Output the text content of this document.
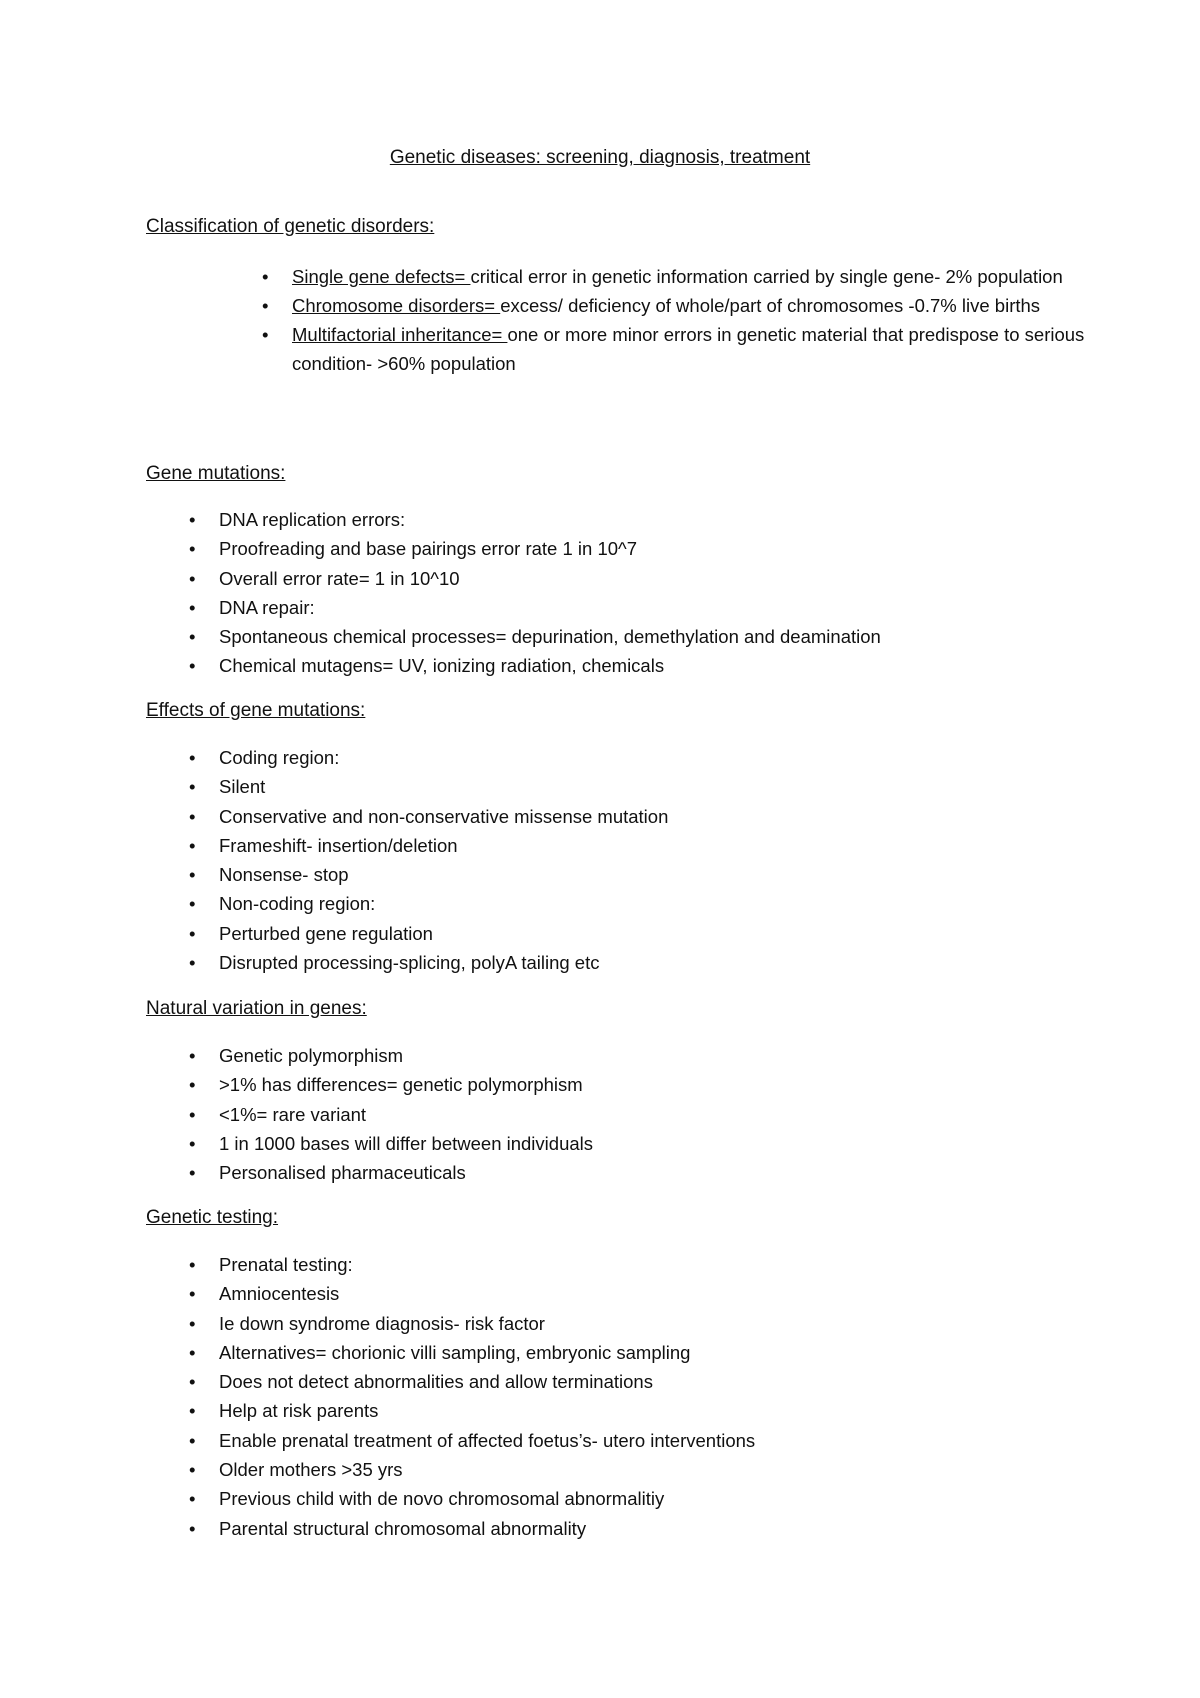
Genetic diseases: screening, diagnosis, treatment
Classification of genetic disorders:
• Single gene defects= critical error in genetic information carried by single gene- 2% population
• Chromosome disorders= excess/ deficiency of whole/part of chromosomes -0.7% live births
• Multifactorial inheritance= one or more minor errors in genetic material that predispose to serious condition- >60% population
Gene mutations:
• DNA replication errors:
• Proofreading and base pairings error rate 1 in 10^7
• Overall error rate= 1 in 10^10
• DNA repair:
• Spontaneous chemical processes= depurination, demethylation and deamination
• Chemical mutagens= UV, ionizing radiation, chemicals
Effects of gene mutations:
• Coding region:
• Silent
• Conservative and non-conservative missense mutation
• Frameshift- insertion/deletion
• Nonsense- stop
• Non-coding region:
• Perturbed gene regulation
• Disrupted processing-splicing, polyA tailing etc
Natural variation in genes:
• Genetic polymorphism
• >1% has differences= genetic polymorphism
• <1%= rare variant
• 1 in 1000 bases will differ between individuals
• Personalised pharmaceuticals
Genetic testing:
• Prenatal testing:
• Amniocentesis
• Ie down syndrome diagnosis- risk factor
• Alternatives= chorionic villi sampling, embryonic sampling
• Does not detect abnormalities and allow terminations
• Help at risk parents
• Enable prenatal treatment of affected foetus’s- utero interventions
• Older mothers >35 yrs
• Previous child with de novo chromosomal abnormalitiy
• Parental structural chromosomal abnormality
